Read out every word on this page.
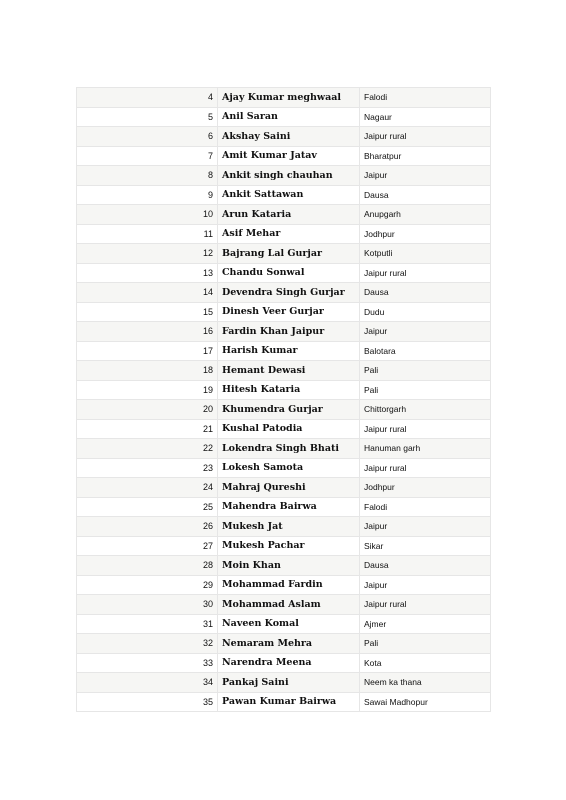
4	Ajay Kumar meghwaal	Falodi
5	Anil Saran	Nagaur
6	Akshay Saini	Jaipur rural
7	Amit Kumar Jatav	Bharatpur
8	Ankit singh chauhan	Jaipur
9	Ankit Sattawan	Dausa
10	Arun Kataria	Anupgarh
11	Asif Mehar	Jodhpur
12	Bajrang Lal Gurjar	Kotputli
13	Chandu Sonwal	Jaipur rural
14	Devendra Singh Gurjar	Dausa
15	Dinesh Veer Gurjar	Dudu
16	Fardin Khan Jaipur	Jaipur
17	Harish Kumar	Balotara
18	Hemant Dewasi	Pali
19	Hitesh Kataria	Pali
20	Khumendra Gurjar	Chittorgarh
21	Kushal Patodia	Jaipur rural
22	Lokendra Singh Bhati	Hanuman garh
23	Lokesh Samota	Jaipur rural
24	Mahraj Qureshi	Jodhpur
25	Mahendra Bairwa	Falodi
26	Mukesh Jat	Jaipur
27	Mukesh Pachar	Sikar
28	Moin Khan	Dausa
29	Mohammad Fardin	Jaipur
30	Mohammad Aslam	Jaipur rural
31	Naveen Komal	Ajmer
32	Nemaram Mehra	Pali
33	Narendra Meena	Kota
34	Pankaj Saini	Neem ka thana
35	Pawan Kumar Bairwa	Sawai Madhopur
